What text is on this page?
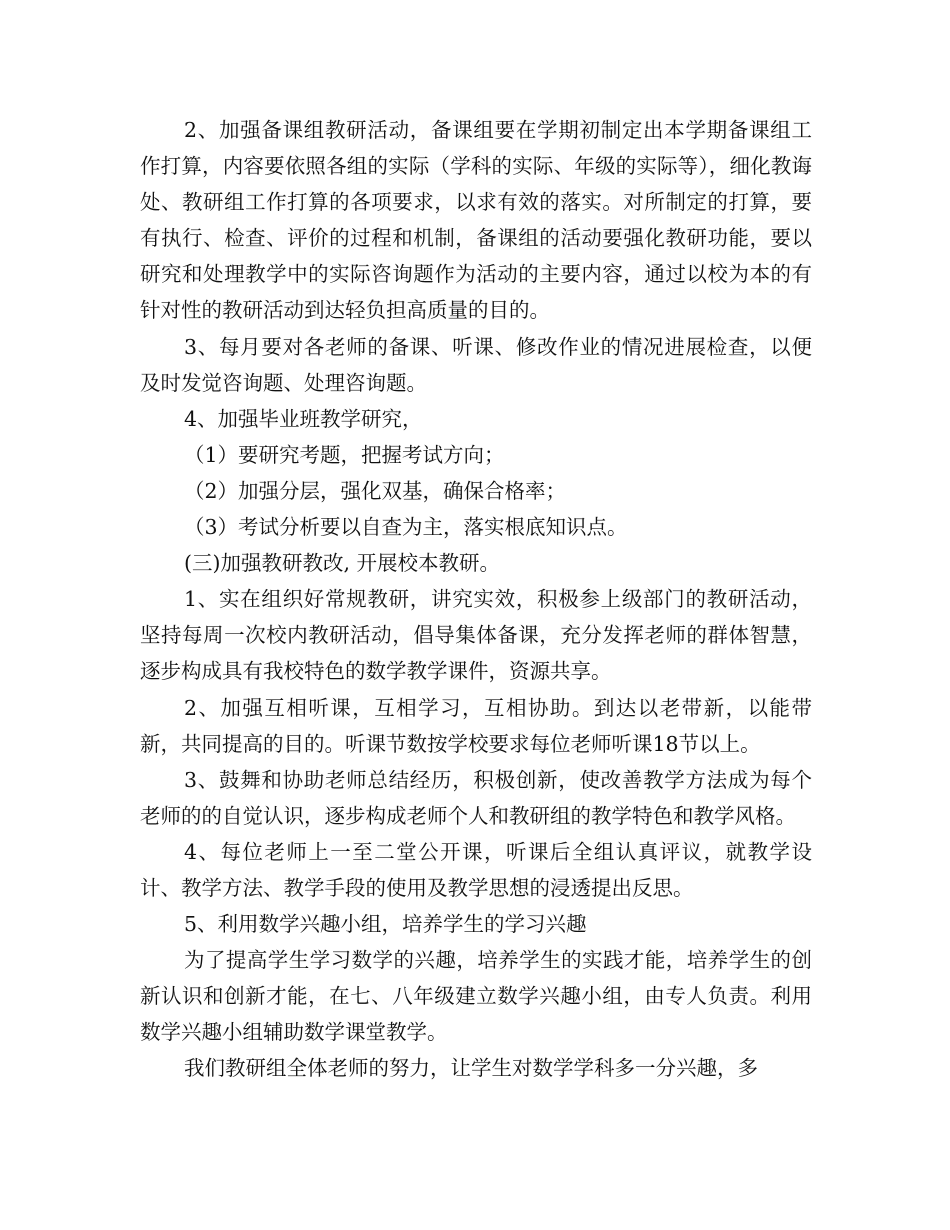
2、加强备课组教研活动，备课组要在学期初制定出本学期备课组工作打算，内容要依照各组的实际（学科的实际、年级的实际等），细化教诲处、教研组工作打算的各项要求，以求有效的落实。对所制定的打算，要有执行、检查、评价的过程和机制，备课组的活动要强化教研功能，要以研究和处理教学中的实际咨询题作为活动的主要内容，通过以校为本的有针对性的教研活动到达轻负担高质量的目的。

3、每月要对各老师的备课、听课、修改作业的情况进展检查，以便及时发觉咨询题、处理咨询题。

4、加强毕业班教学研究，

（1）要研究考题，把握考试方向；

（2）加强分层，强化双基，确保合格率；

（3）考试分析要以自查为主，落实根底知识点。

(三)加强教研教改, 开展校本教研。

1、实在组织好常规教研，讲究实效，积极参上级部门的教研活动，坚持每周一次校内教研活动，倡导集体备课，充分发挥老师的群体智慧，逐步构成具有我校特色的数学教学课件，资源共享。

2、加强互相听课，互相学习，互相协助。到达以老带新，以能带新，共同提高的目的。听课节数按学校要求每位老师听课18节以上。

3、鼓舞和协助老师总结经历，积极创新，使改善教学方法成为每个老师的的自觉认识，逐步构成老师个人和教研组的教学特色和教学风格。

4、每位老师上一至二堂公开课，听课后全组认真评议，就教学设计、教学方法、教学手段的使用及教学思想的浸透提出反思。

5、利用数学兴趣小组，培养学生的学习兴趣

为了提高学生学习数学的兴趣，培养学生的实践才能，培养学生的创新认识和创新才能，在七、八年级建立数学兴趣小组，由专人负责。利用数学兴趣小组辅助数学课堂教学。

我们教研组全体老师的努力，让学生对数学学科多一分兴趣，多
